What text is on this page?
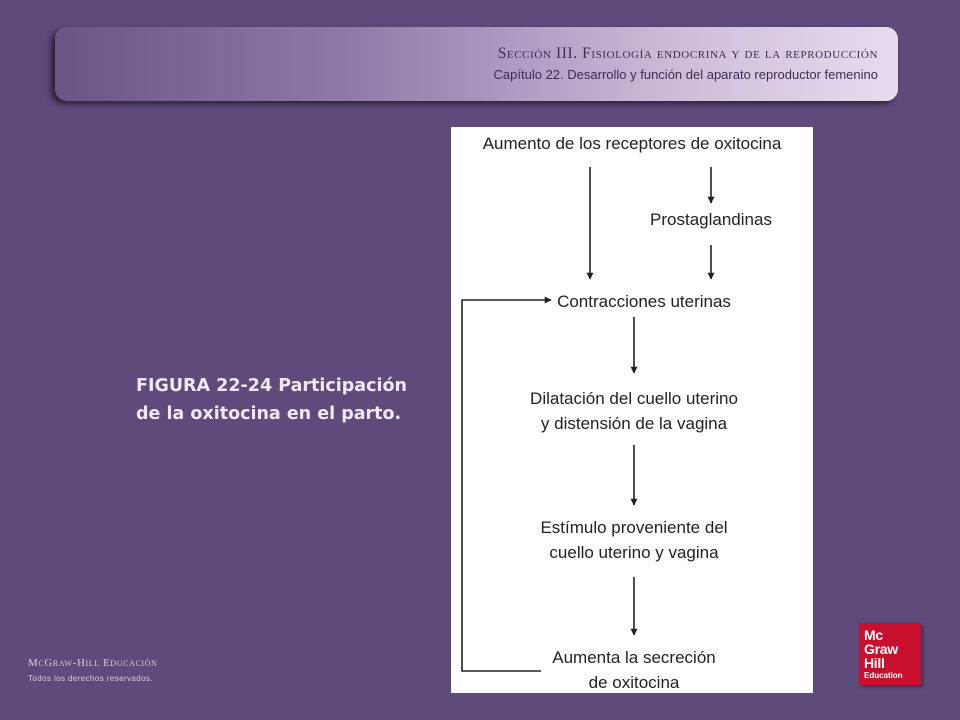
Sección III. Fisiología endocrina y de la reproducción

Capítulo 22. Desarrollo y función del aparato reproductor femenino

FIGURA 22-24 Participación de la oxitocina en el parto.

Aumento de los receptores de oxitocina

Prostaglandinas

Contracciones uterinas

Dilatación del cuello uterino

y distensión de la vagina

Estímulo proveniente del

cuello uterino y vagina

Aumenta la secreción

de oxitocina

McGraw-Hill Educación

Todos los derechos reservados.

Mc

Graw

Hill

Education
